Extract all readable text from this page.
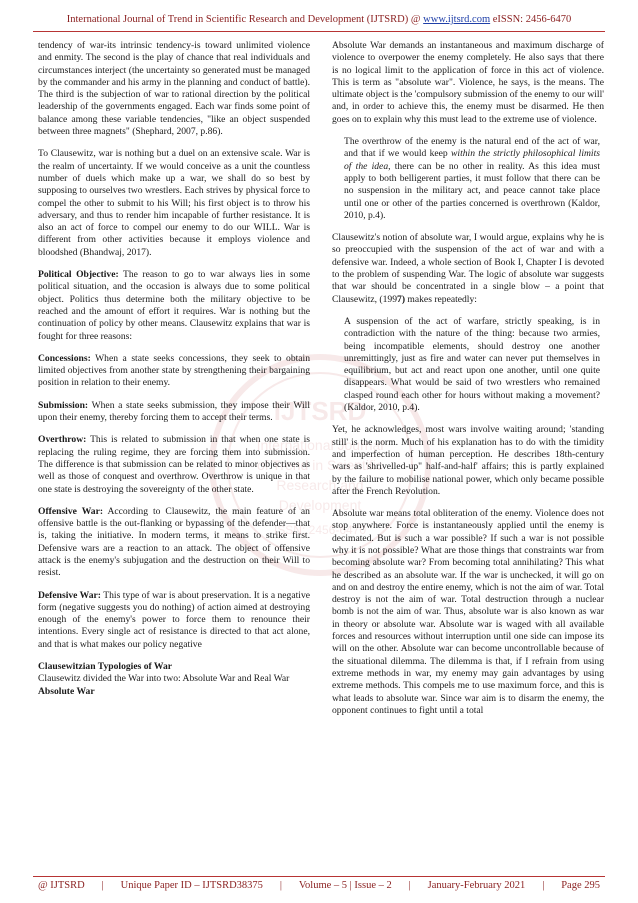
International Journal of Trend in Scientific Research and Development (IJTSRD) @ www.ijtsrd.com eISSN: 2456-6470
IJTSRD
International Journal
of Trend in Scientific
Research and
Development
ISSN: 2456-6470

tendency of war-its intrinsic tendency-is toward unlimited violence and enmity. The second is the play of chance that real individuals and circumstances interject (the uncertainty so generated must be managed by the commander and his army in the planning and conduct of battle). The third is the subjection of war to rational direction by the political leadership of the governments engaged. Each war finds some point of balance among these variable tendencies, "like an object suspended between three magnets" (Shephard, 2007, p.86).

To Clausewitz, war is nothing but a duel on an extensive scale. War is the realm of uncertainty. If we would conceive as a unit the countless number of duels which make up a war, we shall do so best by supposing to ourselves two wrestlers. Each strives by physical force to compel the other to submit to his Will; his first object is to throw his adversary, and thus to render him incapable of further resistance. It is also an act of force to compel our enemy to do our WILL. War is different from other activities because it employs violence and bloodshed (Bhandwaj, 2017).

Political Objective: The reason to go to war always lies in some political situation, and the occasion is always due to some political object. Politics thus determine both the military objective to be reached and the amount of effort it requires. War is nothing but the continuation of policy by other means. Clausewitz explains that war is fought for three reasons:

Concessions: When a state seeks concessions, they seek to obtain limited objectives from another state by strengthening their bargaining position in relation to their enemy.

Submission: When a state seeks submission, they impose their Will upon their enemy, thereby forcing them to accept their terms.

Overthrow: This is related to submission in that when one state is replacing the ruling regime, they are forcing them into submission. The difference is that submission can be related to minor objectives as well as those of conquest and overthrow. Overthrow is unique in that one state is destroying the sovereignty of the other state.

Offensive War: According to Clausewitz, the main feature of an offensive battle is the out-flanking or bypassing of the defender—that is, taking the initiative. In modern terms, it means to strike first. Defensive wars are a reaction to an attack. The object of offensive attack is the enemy's subjugation and the destruction on their Will to resist.

Defensive War: This type of war is about preservation. It is a negative form (negative suggests you do nothing) of action aimed at destroying enough of the enemy's power to force them to renounce their intentions. Every single act of resistance is directed to that act alone, and that is what makes our policy negative

Clausewitzian Typologies of War

Clausewitz divided the War into two: Absolute War and Real War

Absolute War

Absolute War demands an instantaneous and maximum discharge of violence to overpower the enemy completely. He also says that there is no logical limit to the application of force in this act of violence. This is term as "absolute war". Violence, he says, is the means. The ultimate object is the 'compulsory submission of the enemy to our will' and, in order to achieve this, the enemy must be disarmed. He then goes on to explain why this must lead to the extreme use of violence.

The overthrow of the enemy is the natural end of the act of war, and that if we would keep within the strictly philosophical limits of the idea, there can be no other in reality. As this idea must apply to both belligerent parties, it must follow that there can be no suspension in the military act, and peace cannot take place until one or other of the parties concerned is overthrown (Kaldor, 2010, p.4).

Clausewitz's notion of absolute war, I would argue, explains why he is so preoccupied with the suspension of the act of war and with a defensive war. Indeed, a whole section of Book I, Chapter I is devoted to the problem of suspending War. The logic of absolute war suggests that war should be concentrated in a single blow – a point that Clausewitz, (1997) makes repeatedly:

A suspension of the act of warfare, strictly speaking, is in contradiction with the nature of the thing: because two armies, being incompatible elements, should destroy one another unremittingly, just as fire and water can never put themselves in equilibrium, but act and react upon one another, until one quite disappears. What would be said of two wrestlers who remained clasped round each other for hours without making a movement? (Kaldor, 2010, p.4).

Yet, he acknowledges, most wars involve waiting around; 'standing still' is the norm. Much of his explanation has to do with the timidity and imperfection of human perception. He describes 18th-century wars as 'shrivelled-up" half-and-half' affairs; this is partly explained by the failure to mobilise national power, which only became possible after the French Revolution.

Absolute war means total obliteration of the enemy. Violence does not stop anywhere. Force is instantaneously applied until the enemy is decimated. But is such a war possible? If such a war is not possible why it is not possible? What are those things that constraints war from becoming absolute war? From becoming total annihilating? This what he described as an absolute war. If the war is unchecked, it will go on and on and destroy the entire enemy, which is not the aim of war. Total destroy is not the aim of war. Total destruction through a nuclear bomb is not the aim of war. Thus, absolute war is also known as war in theory or absolute war. Absolute war is waged with all available forces and resources without interruption until one side can impose its will on the other. Absolute war can become uncontrollable because of the situational dilemma. The dilemma is that, if I refrain from using extreme methods in war, my enemy may gain advantages by using extreme methods. This compels me to use maximum force, and this is what leads to absolute war. Since war aim is to disarm the enemy, the opponent continues to fight until a total

@ IJTSRD | Unique Paper ID – IJTSRD38375 | Volume – 5 | Issue – 2 | January-February 2021 | Page 295
